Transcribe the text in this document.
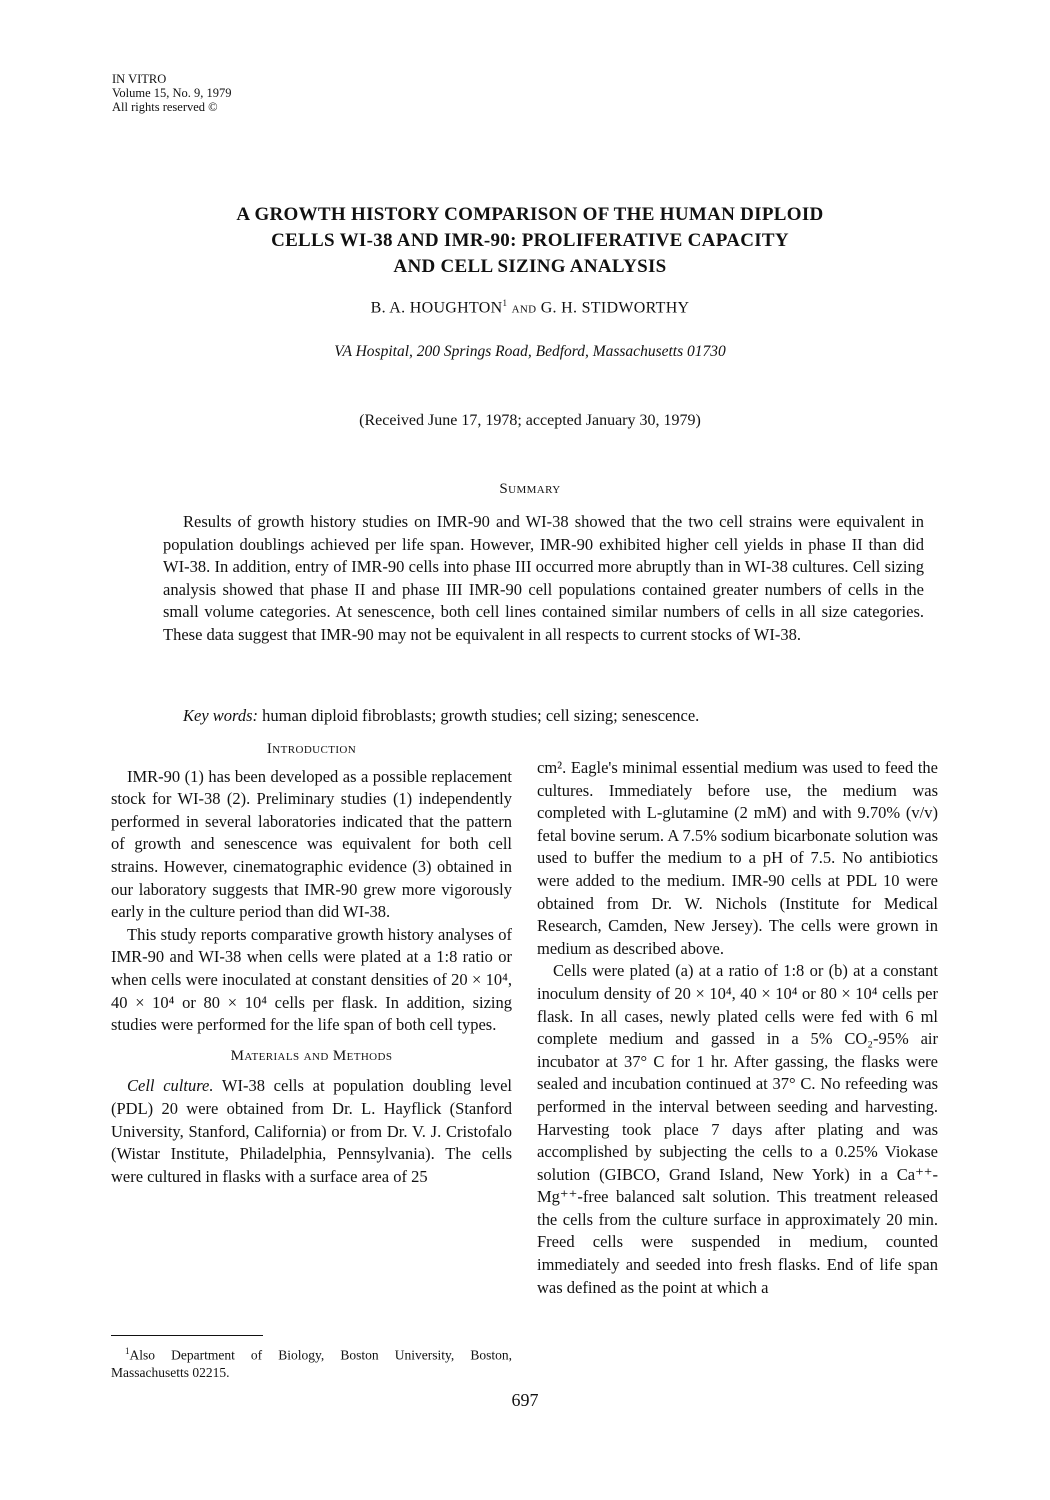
IN VITRO
Volume 15, No. 9, 1979
All rights reserved ©
A GROWTH HISTORY COMPARISON OF THE HUMAN DIPLOID
CELLS WI-38 AND IMR-90: PROLIFERATIVE CAPACITY
AND CELL SIZING ANALYSIS
B. A. HOUGHTON$^1$ AND G. H. STIDWORTHY
VA Hospital, 200 Springs Road, Bedford, Massachusetts 01730
(Received June 17, 1978; accepted January 30, 1979)
Summary
Results of growth history studies on IMR-90 and WI-38 showed that the two cell strains were equivalent in population doublings achieved per life span. However, IMR-90 exhibited higher cell yields in phase II than did WI-38. In addition, entry of IMR-90 cells into phase III occurred more abruptly than in WI-38 cultures. Cell sizing analysis showed that phase II and phase III IMR-90 cell populations contained greater numbers of cells in the small volume categories. At senescence, both cell lines contained similar numbers of cells in all size categories. These data suggest that IMR-90 may not be equivalent in all respects to current stocks of WI-38.
Key words: human diploid fibroblasts; growth studies; cell sizing; senescence.
Introduction

IMR-90 (1) has been developed as a possible replacement stock for WI-38 (2). Preliminary studies (1) independently performed in several laboratories indicated that the pattern of growth and senescence was equivalent for both cell strains. However, cinematographic evidence (3) obtained in our laboratory suggests that IMR-90 grew more vigorously early in the culture period than did WI-38.

This study reports comparative growth history analyses of IMR-90 and WI-38 when cells were plated at a 1:8 ratio or when cells were inoculated at constant densities of 20 × 10⁴, 40 × 10⁴ or 80 × 10⁴ cells per flask. In addition, sizing studies were performed for the life span of both cell types.

Materials and Methods

Cell culture. WI-38 cells at population doubling level (PDL) 20 were obtained from Dr. L. Hayflick (Stanford University, Stanford, California) or from Dr. V. J. Cristofalo (Wistar Institute, Philadelphia, Pennsylvania). The cells were cultured in flasks with a surface area of 25

cm². Eagle's minimal essential medium was used to feed the cultures. Immediately before use, the medium was completed with L-glutamine (2 mM) and with 9.70% (v/v) fetal bovine serum. A 7.5% sodium bicarbonate solution was used to buffer the medium to a pH of 7.5. No antibiotics were added to the medium. IMR-90 cells at PDL 10 were obtained from Dr. W. Nichols (Institute for Medical Research, Camden, New Jersey). The cells were grown in medium as described above.

Cells were plated (a) at a ratio of 1:8 or (b) at a constant inoculum density of 20 × 10⁴, 40 × 10⁴ or 80 × 10⁴ cells per flask. In all cases, newly plated cells were fed with 6 ml complete medium and gassed in a 5% CO₂-95% air incubator at 37° C for 1 hr. After gassing, the flasks were sealed and incubation continued at 37° C. No refeeding was performed in the interval between seeding and harvesting. Harvesting took place 7 days after plating and was accomplished by subjecting the cells to a 0.25% Viokase solution (GIBCO, Grand Island, New York) in a Ca⁺⁺-Mg⁺⁺-free balanced salt solution. This treatment released the cells from the culture surface in approximately 20 min. Freed cells were suspended in medium, counted immediately and seeded into fresh flasks. End of life span was defined as the point at which a

$^1$Also Department of Biology, Boston University, Boston, Massachusetts 02215.
697
